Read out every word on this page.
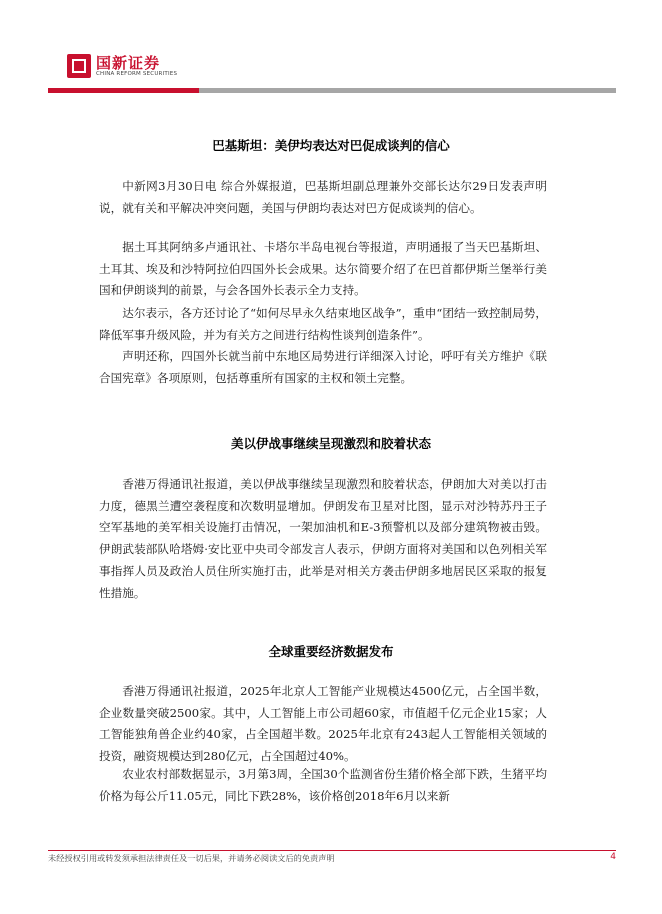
国新证券
CHINA REFORM SECURITIES
巴基斯坦：美伊均表达对巴促成谈判的信心

中新网3月30日电 综合外媒报道，巴基斯坦副总理兼外交部长达尔29日发表声明说，就有关和平解决冲突问题，美国与伊朗均表达对巴方促成谈判的信心。

据土耳其阿纳多卢通讯社、卡塔尔半岛电视台等报道，声明通报了当天巴基斯坦、土耳其、埃及和沙特阿拉伯四国外长会成果。达尔简要介绍了在巴首都伊斯兰堡举行美国和伊朗谈判的前景，与会各国外长表示全力支持。

达尔表示，各方还讨论了“如何尽早永久结束地区战争”，重申“团结一致控制局势，降低军事升级风险，并为有关方之间进行结构性谈判创造条件”。

声明还称，四国外长就当前中东地区局势进行详细深入讨论，呼吁有关方维护《联合国宪章》各项原则，包括尊重所有国家的主权和领土完整。

美以伊战事继续呈现激烈和胶着状态

香港万得通讯社报道，美以伊战事继续呈现激烈和胶着状态，伊朗加大对美以打击力度，德黑兰遭空袭程度和次数明显增加。伊朗发布卫星对比图，显示对沙特苏丹王子空军基地的美军相关设施打击情况，一架加油机和E-3预警机以及部分建筑物被击毁。伊朗武装部队哈塔姆·安比亚中央司令部发言人表示，伊朗方面将对美国和以色列相关军事指挥人员及政治人员住所实施打击，此举是对相关方袭击伊朗多地居民区采取的报复性措施。

全球重要经济数据发布

香港万得通讯社报道，2025年北京人工智能产业规模达4500亿元，占全国半数，企业数量突破2500家。其中，人工智能上市公司超60家，市值超千亿元企业15家；人工智能独角兽企业约40家，占全国超半数。2025年北京有243起人工智能相关领域的投资，融资规模达到280亿元，占全国超过40%。

农业农村部数据显示，3月第3周，全国30个监测省份生猪价格全部下跌，生猪平均价格为每公斤11.05元，同比下跌28%，该价格创2018年6月以来新

未经授权引用或转发须承担法律责任及一切后果，并请务必阅读文后的免责声明	4
